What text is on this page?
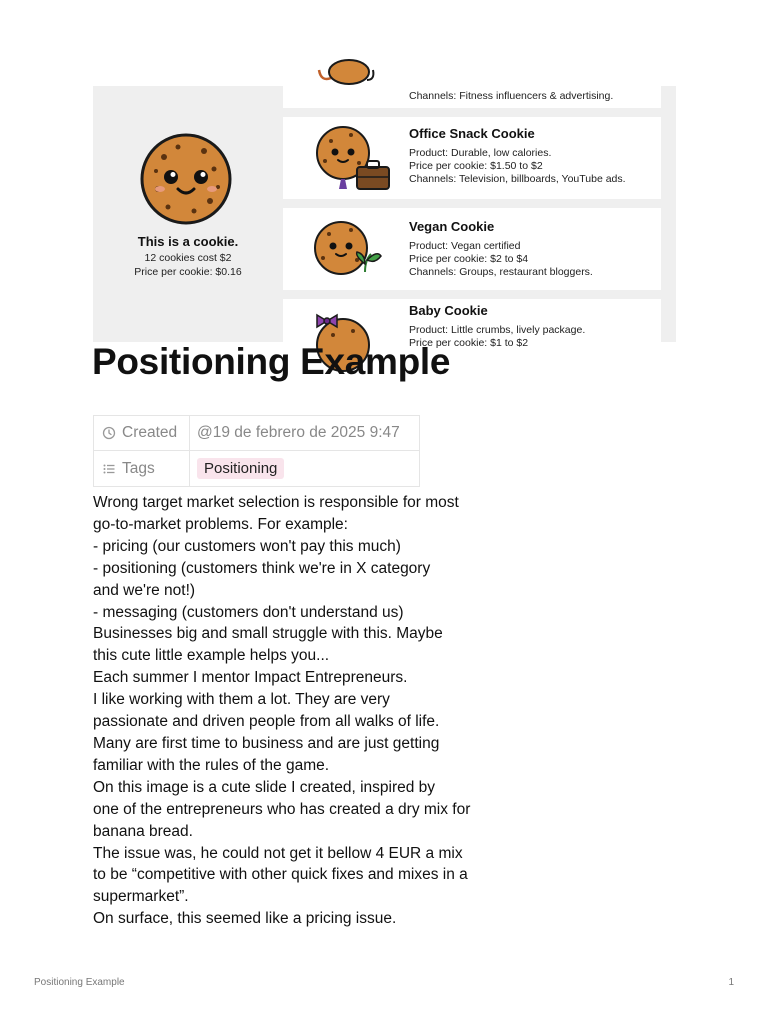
This is a cookie.
12 cookies cost $2
Price per cookie: $0.16
Channels: Fitness influencers & advertising.
Office Snack Cookie
Product: Durable, low calories.
Price per cookie: $1.50 to $2
Channels: Television, billboards, YouTube ads.
Vegan Cookie
Product: Vegan certified
Price per cookie: $2 to $4
Channels: Groups, restaurant bloggers.
Baby Cookie
Product: Little crumbs, lively package.
Price per cookie: $1 to $2
Positioning Example
Created	@19 de febrero de 2025 9:47
Tags	Positioning

Wrong target market selection is responsible for most

go-to-market problems. For example:

- pricing (our customers won't pay this much)

- positioning (customers think we're in X category

and we're not!)

- messaging (customers don't understand us)

Businesses big and small struggle with this. Maybe

this cute little example helps you...

Each summer I mentor Impact Entrepreneurs.

I like working with them a lot. They are very

passionate and driven people from all walks of life.

Many are first time to business and are just getting

familiar with the rules of the game.

On this image is a cute slide I created, inspired by

one of the entrepreneurs who has created a dry mix for

banana bread.

The issue was, he could not get it bellow 4 EUR a mix

to be “competitive with other quick fixes and mixes in a

supermarket”.

On surface, this seemed like a pricing issue.

Positioning Example	1
